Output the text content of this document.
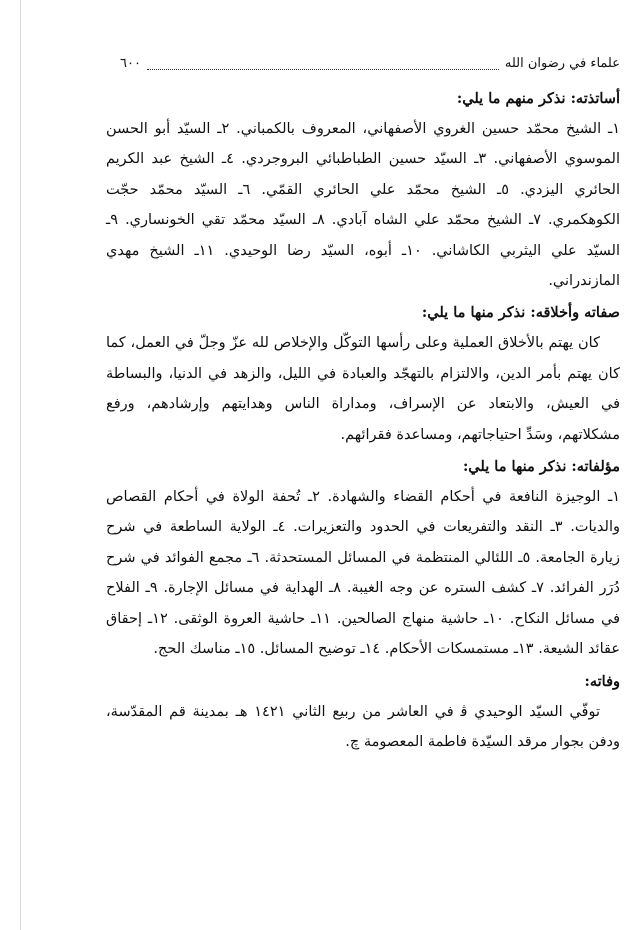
علماء في رضوان الله
٦٠٠

أساتذته: نذكر منهم ما يلي:

١ـ الشيخ محمّد حسين الغروي الأصفهاني، المعروف بالكمباني. ٢ـ السيّد أبو الحسن الموسوي الأصفهاني. ٣ـ السيّد حسين الطباطبائي البروجردي. ٤ـ الشيخ عبد الكريم الحائري اليزدي. ٥ـ الشيخ محمّد علي الحائري القمّي. ٦ـ السيّد محمّد حجّت الكوهكمري. ٧ـ الشيخ محمّد علي الشاه آبادي. ٨ـ السيّد محمّد تقي الخونساري. ٩ـ السيّد علي اليثربي الكاشاني. ١٠ـ أبوه، السيّد رضا الوحيدي. ١١ـ الشيخ مهدي المازندراني.

صفاته وأخلاقه: نذكر منها ما يلي:

كان يهتم بالأخلاق العملية وعلى رأسها التوكّل والإخلاص لله عزّ وجلّ في العمل، كما كان يهتم بأمر الدين، والالتزام بالتهجّد والعبادة في الليل، والزهد في الدنيا، والبساطة في العيش، والابتعاد عن الإسراف، ومداراة الناس وهدايتهم وإرشادهم، ورفع مشكلاتهم، وسَدِّ احتياجاتهم، ومساعدة فقرائهم.

مؤلفاته: نذكر منها ما يلي:

١ـ الوجيزة النافعة في أحكام القضاء والشهادة. ٢ـ تُحفة الولاة في أحكام القصاص والديات. ٣ـ النقد والتفريعات في الحدود والتعزيرات. ٤ـ الولاية الساطعة في شرح زيارة الجامعة. ٥ـ اللئالي المنتظمة في المسائل المستحدثة. ٦ـ مجمع الفوائد في شرح دُرَر الفرائد. ٧ـ كشف الستره عن وجه الغيبة. ٨ـ الهداية في مسائل الإجارة. ٩ـ الفلاح في مسائل النكاح. ١٠ـ حاشية منهاج الصالحين. ١١ـ حاشية العروة الوثقى. ١٢ـ إحقاق عقائد الشيعة. ١٣ـ مستمسكات الأحكام. ١٤ـ توضيح المسائل. ١٥ـ مناسك الحج.

وفاته:

توفّي السيّد الوحيدي ﭬ في العاشر من ربيع الثاني ١٤٢١ هـ بمدينة قم المقدّسة، ودفن بجوار مرقد السيّدة فاطمة المعصومة ﭺ.
